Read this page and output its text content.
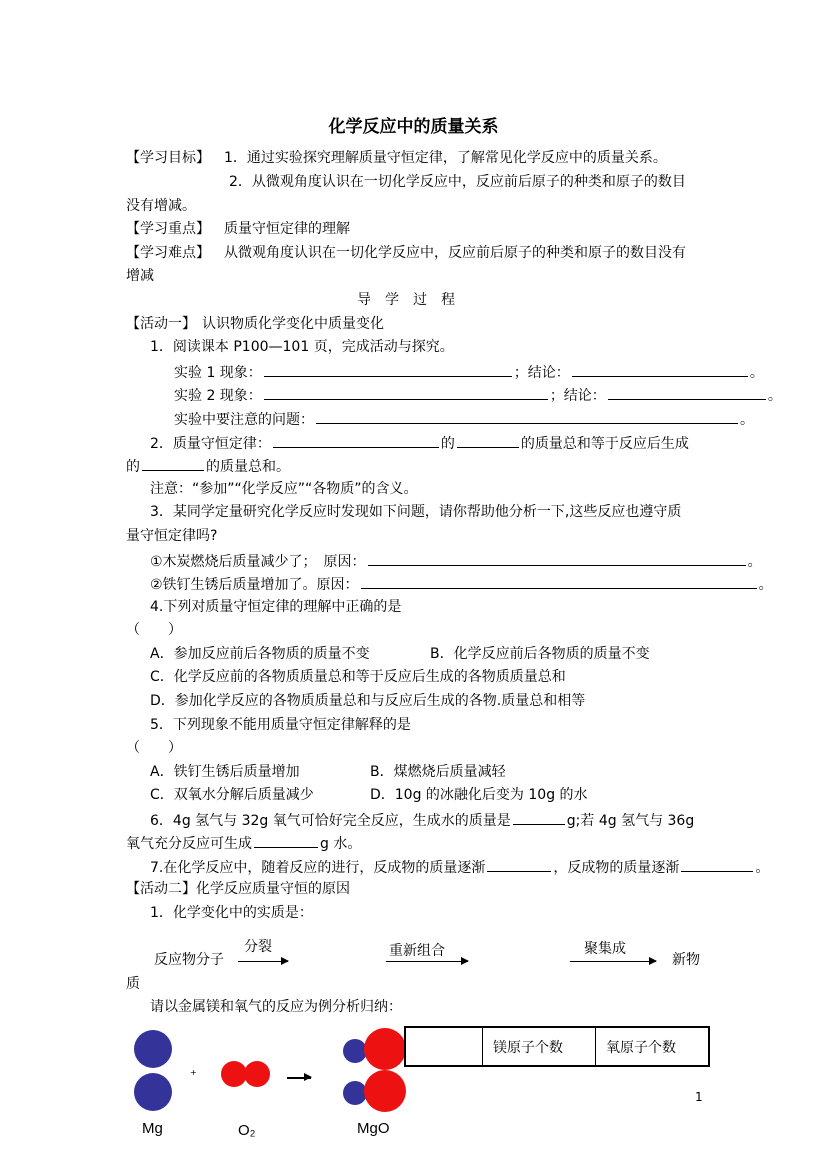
化学反应中的质量关系
【学习目标】 1．通过实验探究理解质量守恒定律，了解常见化学反应中的质量关系。
2．从微观角度认识在一切化学反应中，反应前后原子的种类和原子的数目
没有增减。
【学习重点】 质量守恒定律的理解
【学习难点】 从微观角度认识在一切化学反应中，反应前后原子的种类和原子的数目没有
增减
导　学　过　程
【活动一】 认识物质化学变化中质量变化
1．阅读课本 P100—101 页，完成活动与探究。
实验 1 现象：	；结论：	。
实验 2 现象：	；结论：	。
实验中要注意的问题：	。
2．质量守恒定律：	的	的质量总和等于反应后生成
的	的质量总和。
注意：“参加”“化学反应”“各物质”的含义。
3．某同学定量研究化学反应时发现如下问题，请你帮助他分析一下,这些反应也遵守质
量守恒定律吗?
①木炭燃烧后质量减少了；　原因：	。
②铁钉生锈后质量增加了。原因：	。
4.下列对质量守恒定律的理解中正确的是
（　　）
A．参加反应前后各物质的质量不变	B．化学反应前后各物质的质量不变
C．化学反应前的各物质质量总和等于反应后生成的各物质质量总和
D．参加化学反应的各物质质量总和与反应后生成的各物.质量总和相等
5．下列现象不能用质量守恒定律解释的是
（　　）
A．铁钉生锈后质量增加	B．煤燃烧后质量减轻
C．双氧水分解后质量减少	D．10g 的冰融化后变为 10g 的水
6．4g 氢气与 32g 氧气可恰好完全反应，生成水的质量是	g;若 4g 氢气与 36g
氧气充分反应可生成	g 水。
7.在化学反应中，随着反应的进行，反成物的质量逐渐	，反成物的质量逐渐	。
【活动二】化学反应质量守恒的原因
1．化学变化中的实质是：
反应物分子
分裂	重新组合	聚集成
新物
质
请以金属镁和氧气的反应为例分析归纳：
+
Mg	O₂	MgO
	镁原子个数	氧原子个数
1
